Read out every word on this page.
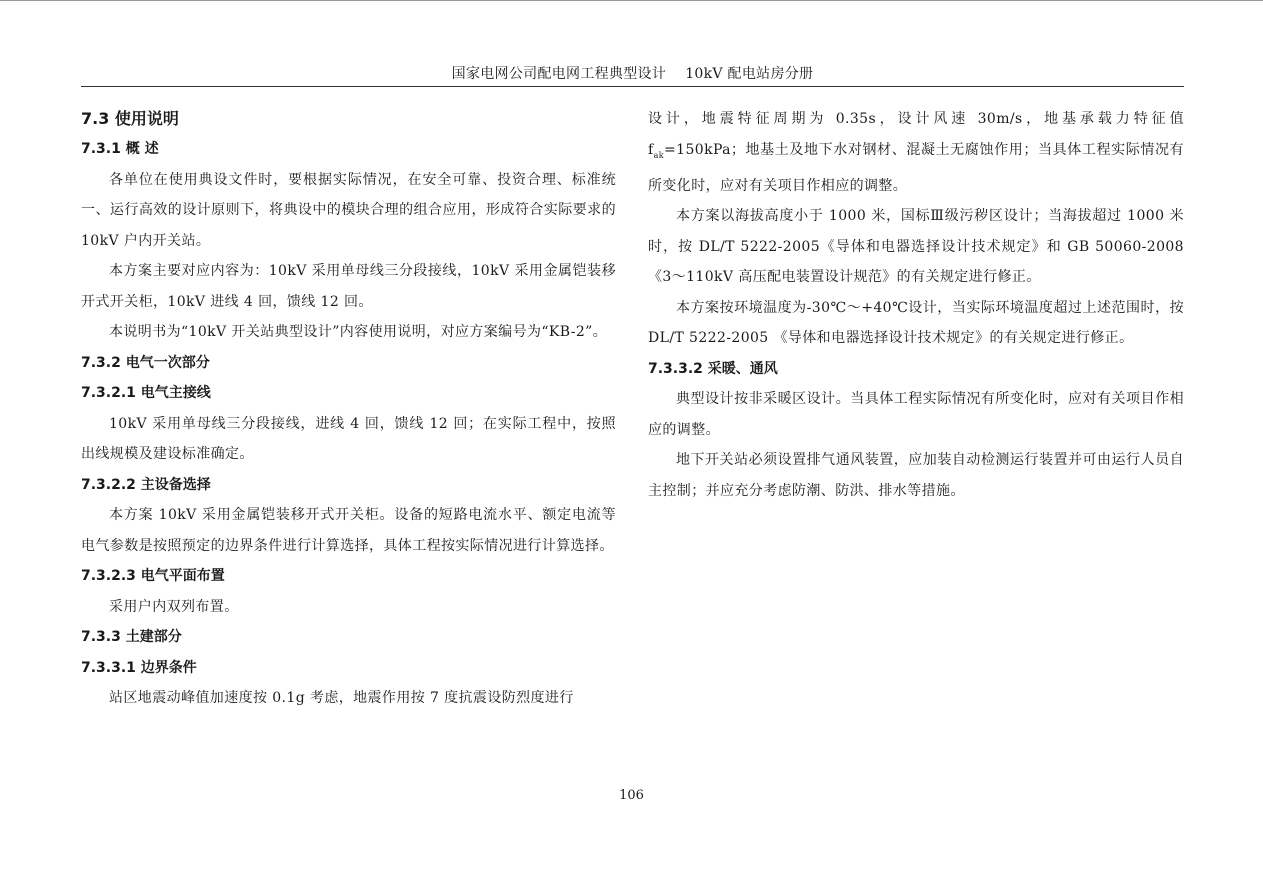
国家电网公司配电网工程典型设计　 10kV 配电站房分册
7.3 使用说明
7.3.1 概 述

各单位在使用典设文件时，要根据实际情况，在安全可靠、投资合理、标准统一、运行高效的设计原则下，将典设中的模块合理的组合应用，形成符合实际要求的 10kV 户内开关站。

本方案主要对应内容为：10kV 采用单母线三分段接线，10kV 采用金属铠装移开式开关柜，10kV 进线 4 回，馈线 12 回。

本说明书为“10kV 开关站典型设计”内容使用说明，对应方案编号为“KB-2”。

7.3.2 电气一次部分
7.3.2.1 电气主接线

10kV 采用单母线三分段接线，进线 4 回，馈线 12 回；在实际工程中，按照出线规模及建设标准确定。

7.3.2.2 主设备选择

本方案 10kV 采用金属铠装移开式开关柜。设备的短路电流水平、额定电流等电气参数是按照预定的边界条件进行计算选择，具体工程按实际情况进行计算选择。

7.3.2.3 电气平面布置

采用户内双列布置。

7.3.3 土建部分
7.3.3.1 边界条件

站区地震动峰值加速度按 0.1g 考虑，地震作用按 7 度抗震设防烈度进行

设计，地震特征周期为 0.35s，设计风速 30m/s，地基承载力特征值 $f_{ak}=150kPa$；地基土及地下水对钢材、混凝土无腐蚀作用；当具体工程实际情况有所变化时，应对有关项目作相应的调整。

本方案以海拔高度小于 1000 米，国标Ⅲ级污秽区设计；当海拔超过 1000 米时，按 DL/T 5222-2005《导体和电器选择设计技术规定》和 GB 50060-2008《3～110kV 高压配电装置设计规范》的有关规定进行修正。

本方案按环境温度为-30℃～+40℃设计，当实际环境温度超过上述范围时，按 DL/T 5222-2005 《导体和电器选择设计技术规定》的有关规定进行修正。

7.3.3.2 采暖、通风

典型设计按非采暖区设计。当具体工程实际情况有所变化时，应对有关项目作相应的调整。

地下开关站必须设置排气通风装置，应加装自动检测运行装置并可由运行人员自主控制；并应充分考虑防潮、防洪、排水等措施。

106
